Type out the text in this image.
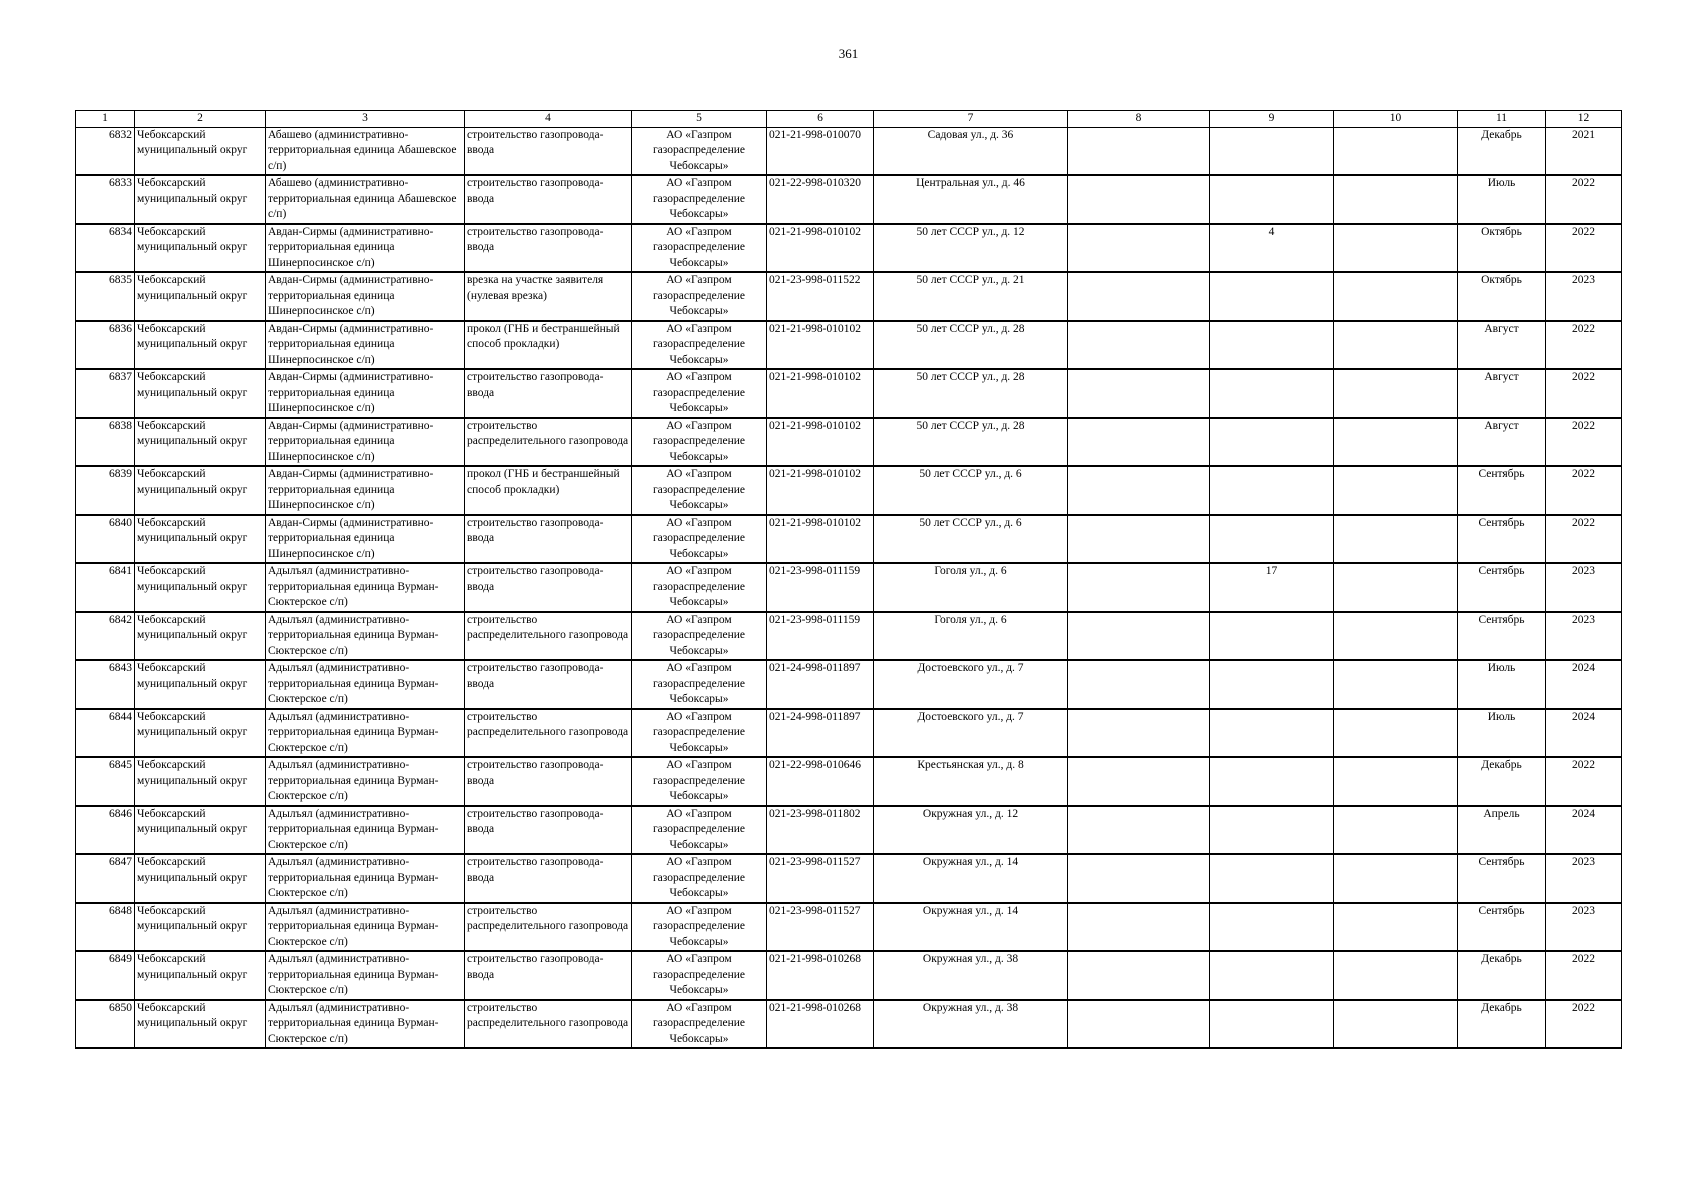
361
1	2	3	4	5	6	7	8	9	10	11	12
6832	Чебоксарский муниципальный округ	Абашево (административно-территориальная единица Абашевское с/п)	строительство газопровода-ввода	АО «Газпром газораспределение Чебоксары»	021-21-998-010070	Садовая ул., д. 36				Декабрь	2021
6833	Чебоксарский муниципальный округ	Абашево (административно-территориальная единица Абашевское с/п)	строительство газопровода-ввода	АО «Газпром газораспределение Чебоксары»	021-22-998-010320	Центральная ул., д. 46				Июль	2022
6834	Чебоксарский муниципальный округ	Авдан-Сирмы (административно-территориальная единица Шинерпосинское с/п)	строительство газопровода-ввода	АО «Газпром газораспределение Чебоксары»	021-21-998-010102	50 лет СССР ул., д. 12		4		Октябрь	2022
6835	Чебоксарский муниципальный округ	Авдан-Сирмы (административно-территориальная единица Шинерпосинское с/п)	врезка на участке заявителя (нулевая врезка)	АО «Газпром газораспределение Чебоксары»	021-23-998-011522	50 лет СССР ул., д. 21				Октябрь	2023
6836	Чебоксарский муниципальный округ	Авдан-Сирмы (административно-территориальная единица Шинерпосинское с/п)	прокол (ГНБ и бестраншейный способ прокладки)	АО «Газпром газораспределение Чебоксары»	021-21-998-010102	50 лет СССР ул., д. 28				Август	2022
6837	Чебоксарский муниципальный округ	Авдан-Сирмы (административно-территориальная единица Шинерпосинское с/п)	строительство газопровода-ввода	АО «Газпром газораспределение Чебоксары»	021-21-998-010102	50 лет СССР ул., д. 28				Август	2022
6838	Чебоксарский муниципальный округ	Авдан-Сирмы (административно-территориальная единица Шинерпосинское с/п)	строительство распределительного газопровода	АО «Газпром газораспределение Чебоксары»	021-21-998-010102	50 лет СССР ул., д. 28				Август	2022
6839	Чебоксарский муниципальный округ	Авдан-Сирмы (административно-территориальная единица Шинерпосинское с/п)	прокол (ГНБ и бестраншейный способ прокладки)	АО «Газпром газораспределение Чебоксары»	021-21-998-010102	50 лет СССР ул., д. 6				Сентябрь	2022
6840	Чебоксарский муниципальный округ	Авдан-Сирмы (административно-территориальная единица Шинерпосинское с/п)	строительство газопровода-ввода	АО «Газпром газораспределение Чебоксары»	021-21-998-010102	50 лет СССР ул., д. 6				Сентябрь	2022
6841	Чебоксарский муниципальный округ	Адылъял (административно-территориальная единица Вурман-Сюктерское с/п)	строительство газопровода-ввода	АО «Газпром газораспределение Чебоксары»	021-23-998-011159	Гоголя ул., д. 6		17		Сентябрь	2023
6842	Чебоксарский муниципальный округ	Адылъял (административно-территориальная единица Вурман-Сюктерское с/п)	строительство распределительного газопровода	АО «Газпром газораспределение Чебоксары»	021-23-998-011159	Гоголя ул., д. 6				Сентябрь	2023
6843	Чебоксарский муниципальный округ	Адылъял (административно-территориальная единица Вурман-Сюктерское с/п)	строительство газопровода-ввода	АО «Газпром газораспределение Чебоксары»	021-24-998-011897	Достоевского ул., д. 7				Июль	2024
6844	Чебоксарский муниципальный округ	Адылъял (административно-территориальная единица Вурман-Сюктерское с/п)	строительство распределительного газопровода	АО «Газпром газораспределение Чебоксары»	021-24-998-011897	Достоевского ул., д. 7				Июль	2024
6845	Чебоксарский муниципальный округ	Адылъял (административно-территориальная единица Вурман-Сюктерское с/п)	строительство газопровода-ввода	АО «Газпром газораспределение Чебоксары»	021-22-998-010646	Крестьянская ул., д. 8				Декабрь	2022
6846	Чебоксарский муниципальный округ	Адылъял (административно-территориальная единица Вурман-Сюктерское с/п)	строительство газопровода-ввода	АО «Газпром газораспределение Чебоксары»	021-23-998-011802	Окружная ул., д. 12				Апрель	2024
6847	Чебоксарский муниципальный округ	Адылъял (административно-территориальная единица Вурман-Сюктерское с/п)	строительство газопровода-ввода	АО «Газпром газораспределение Чебоксары»	021-23-998-011527	Окружная ул., д. 14				Сентябрь	2023
6848	Чебоксарский муниципальный округ	Адылъял (административно-территориальная единица Вурман-Сюктерское с/п)	строительство распределительного газопровода	АО «Газпром газораспределение Чебоксары»	021-23-998-011527	Окружная ул., д. 14				Сентябрь	2023
6849	Чебоксарский муниципальный округ	Адылъял (административно-территориальная единица Вурман-Сюктерское с/п)	строительство газопровода-ввода	АО «Газпром газораспределение Чебоксары»	021-21-998-010268	Окружная ул., д. 38				Декабрь	2022
6850	Чебоксарский муниципальный округ	Адылъял (административно-территориальная единица Вурман-Сюктерское с/п)	строительство распределительного газопровода	АО «Газпром газораспределение Чебоксары»	021-21-998-010268	Окружная ул., д. 38				Декабрь	2022
